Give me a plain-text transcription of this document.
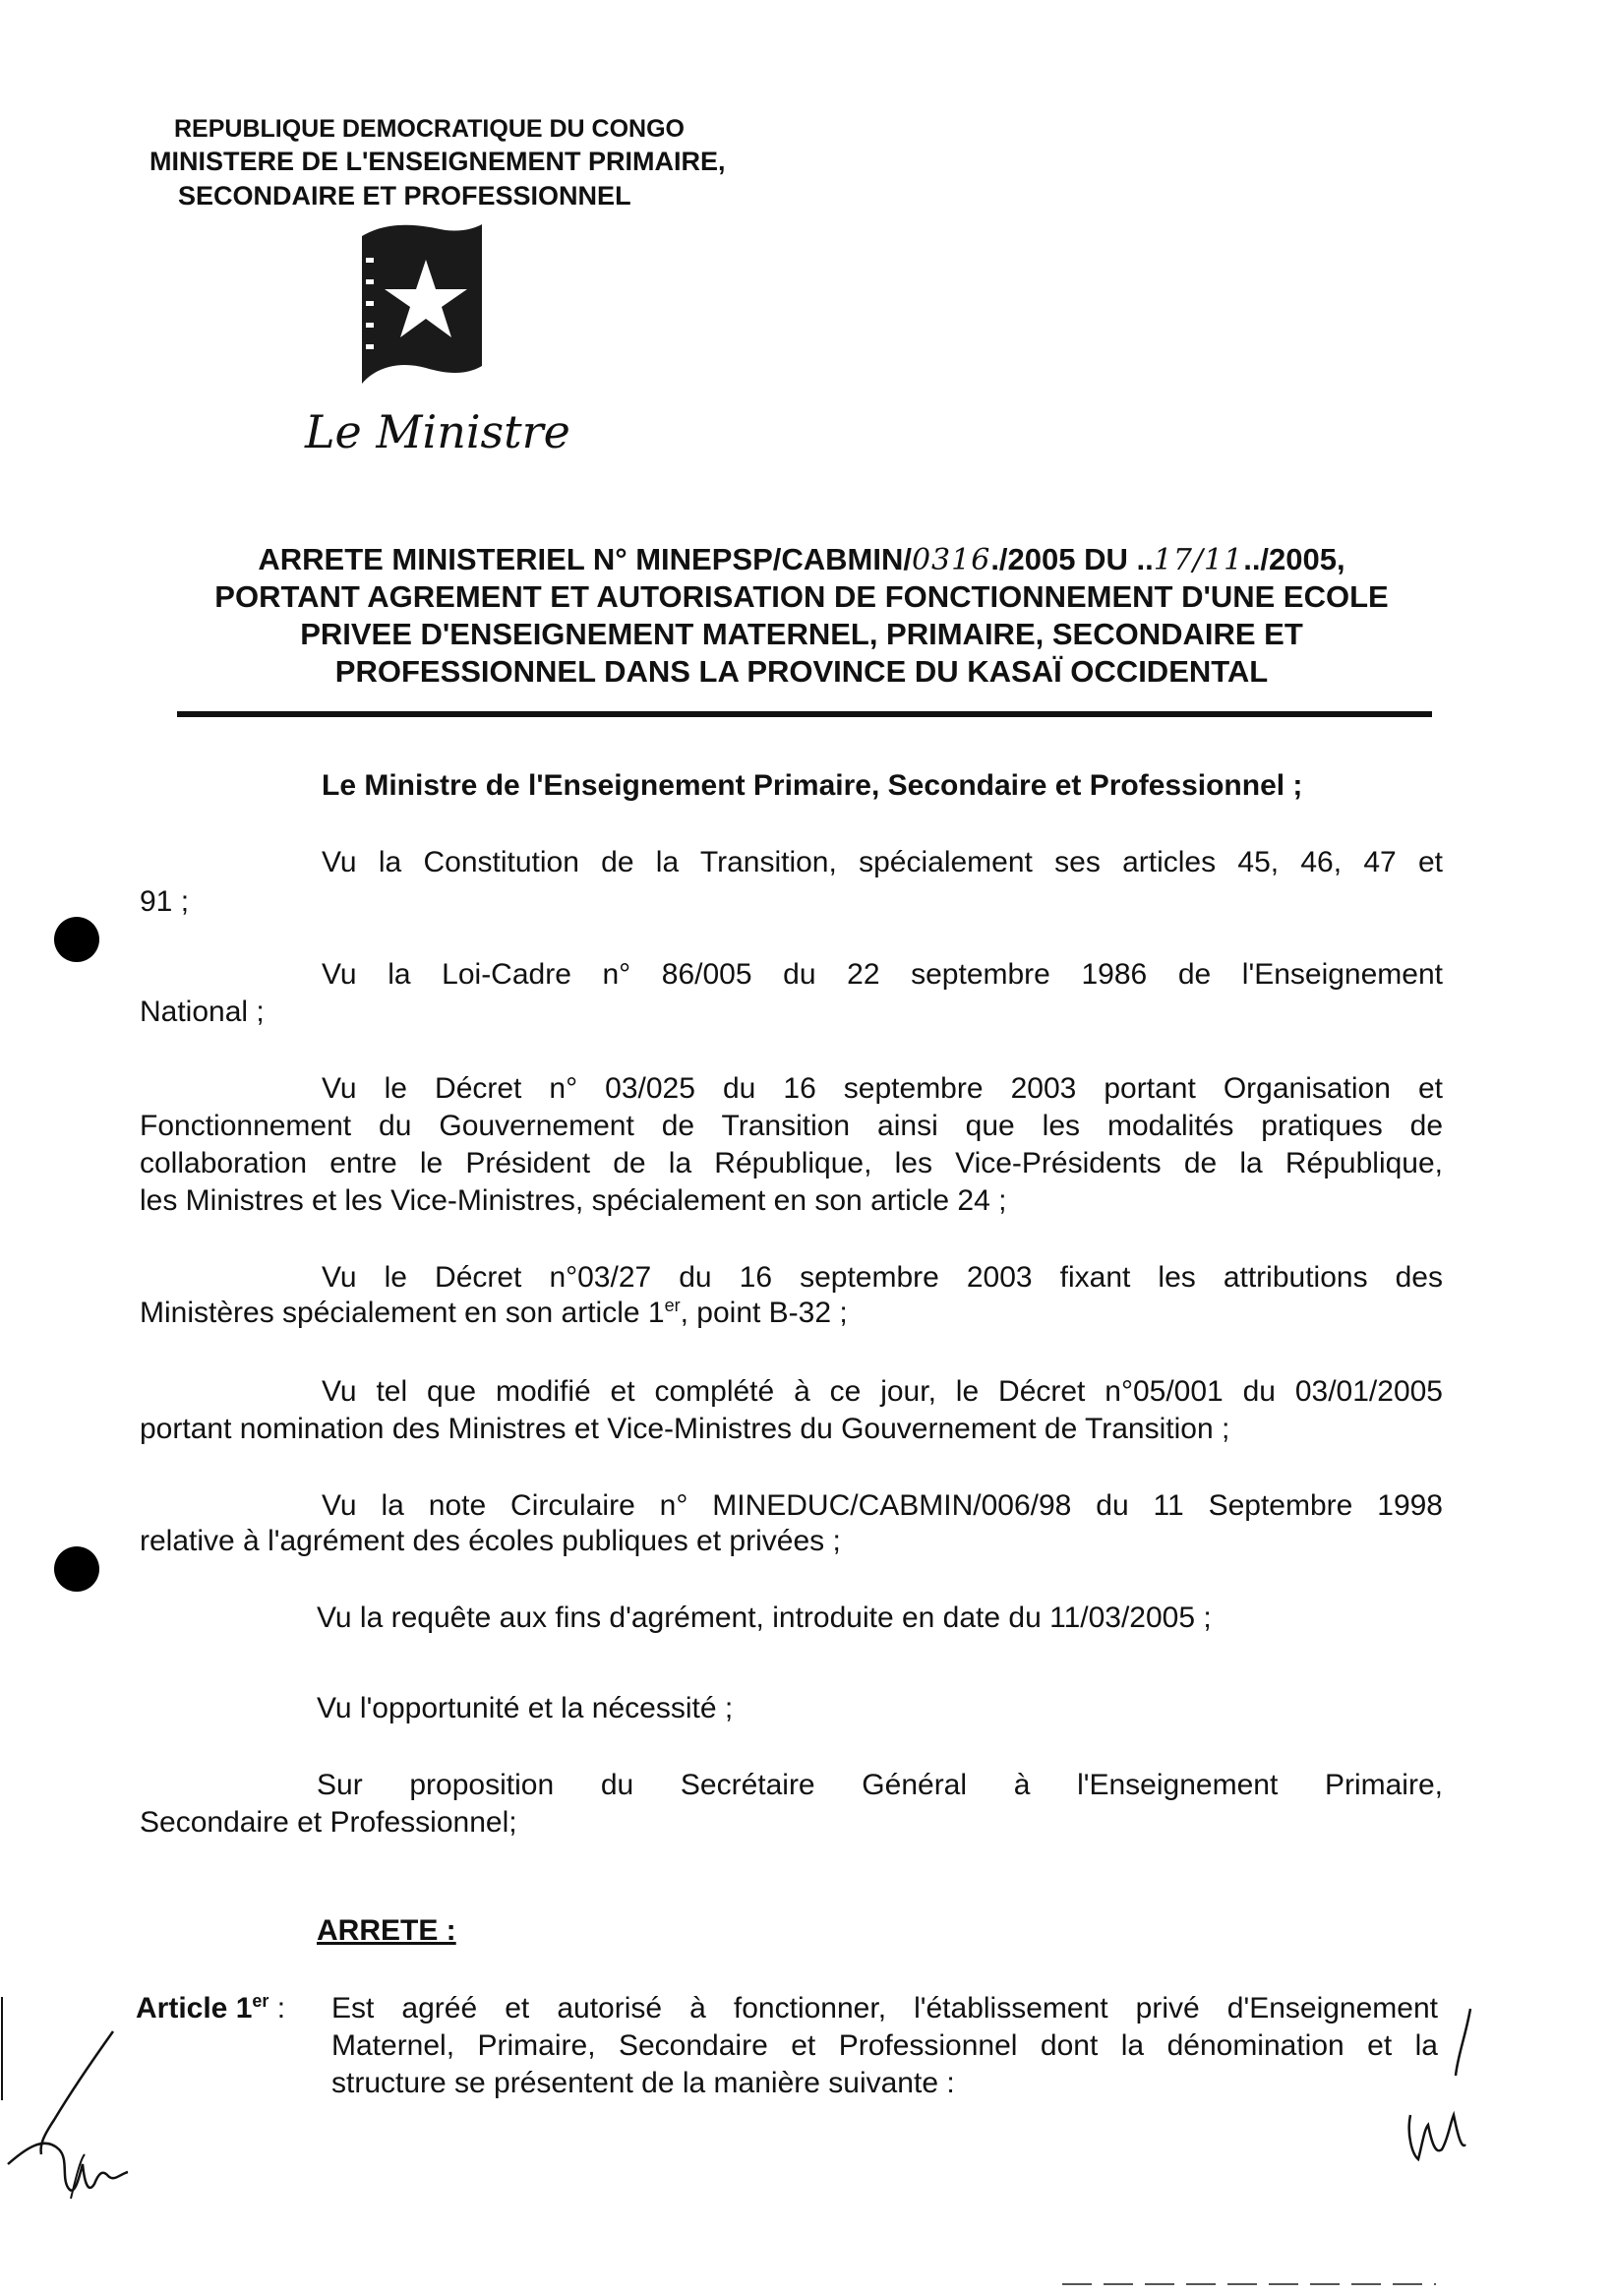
REPUBLIQUE DEMOCRATIQUE DU CONGO
MINISTERE DE L'ENSEIGNEMENT PRIMAIRE,
SECONDAIRE ET PROFESSIONNEL
Le Ministre
ARRETE MINISTERIEL N° MINEPSP/CABMIN/0316./2005 DU ..17/11../2005,
PORTANT AGREMENT ET AUTORISATION DE FONCTIONNEMENT D'UNE ECOLE
PRIVEE D'ENSEIGNEMENT MATERNEL, PRIMAIRE, SECONDAIRE ET
PROFESSIONNEL DANS LA PROVINCE DU KASAÏ OCCIDENTAL
Le Ministre de l'Enseignement Primaire, Secondaire et Professionnel ;
Vu la Constitution de la Transition, spécialement ses articles 45, 46, 47 et
91 ;
Vu la Loi-Cadre n° 86/005 du 22 septembre 1986 de l'Enseignement
National ;
Vu le Décret n° 03/025 du 16 septembre 2003 portant Organisation et
Fonctionnement du Gouvernement de Transition ainsi que les modalités pratiques de
collaboration entre le Président de la République, les Vice-Présidents de la République,
les Ministres et les Vice-Ministres, spécialement en son article 24 ;
Vu le Décret n°03/27 du 16 septembre 2003 fixant les attributions des
Ministères spécialement en son article 1er, point B-32 ;
Vu tel que modifié et complété à ce jour, le Décret n°05/001 du 03/01/2005
portant nomination des Ministres et Vice-Ministres du Gouvernement de Transition ;
Vu la note Circulaire n° MINEDUC/CABMIN/006/98 du 11 Septembre 1998
relative à l'agrément des écoles publiques et privées ;
Vu la requête aux fins d'agrément, introduite en date du 11/03/2005 ;
Vu l'opportunité et la nécessité ;
Sur proposition du Secrétaire Général à l'Enseignement Primaire,
Secondaire et Professionnel;
ARRETE :
Article 1er : Est agréé et autorisé à fonctionner, l'établissement privé d'Enseignement
Maternel, Primaire, Secondaire et Professionnel dont la dénomination et la
structure se présentent de la manière suivante :
